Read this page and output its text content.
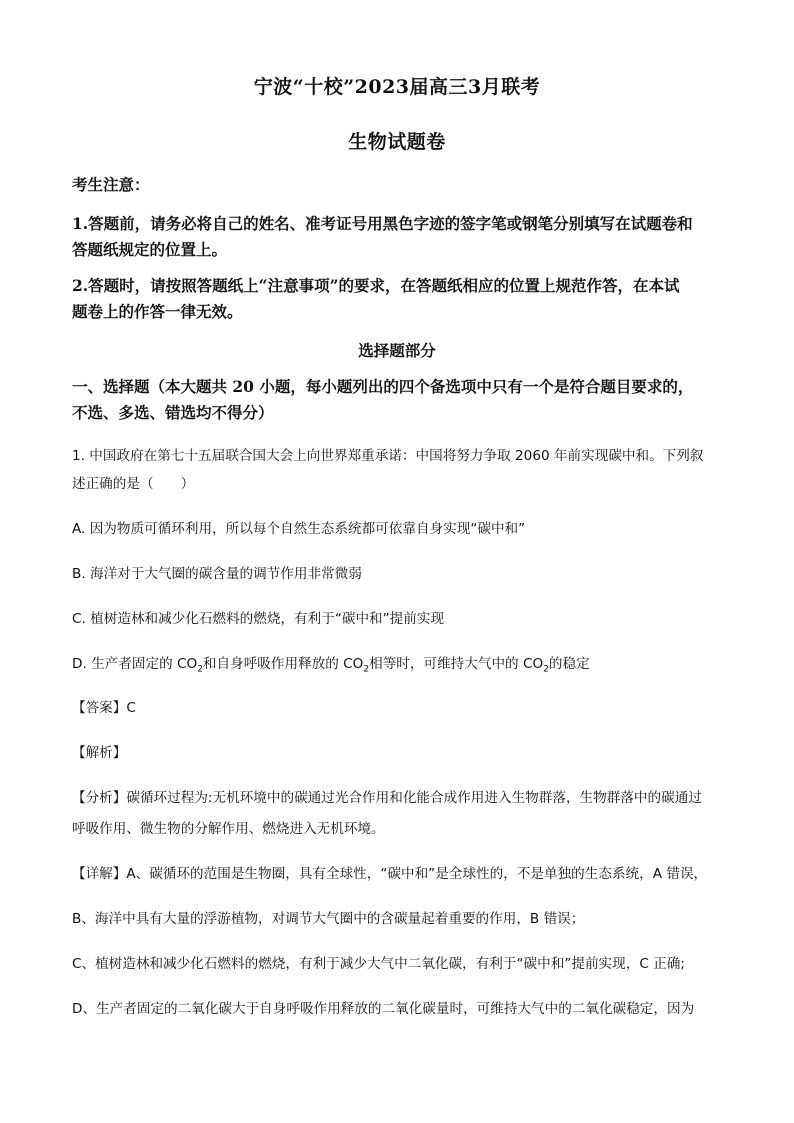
宁波“十校”2023届高三3月联考
生物试题卷
考生注意：
1.答题前，请务必将自己的姓名、准考证号用黑色字迹的签字笔或钢笔分别填写在试题卷和
答题纸规定的位置上。
2.答题时，请按照答题纸上“注意事项”的要求，在答题纸相应的位置上规范作答，在本试
题卷上的作答一律无效。
选择题部分
一、选择题（本大题共 20 小题，每小题列出的四个备选项中只有一个是符合题目要求的，
不选、多选、错选均不得分）
1. 中国政府在第七十五届联合国大会上向世界郑重承诺：中国将努力争取 2060 年前实现碳中和。下列叙
述正确的是（　　）
A. 因为物质可循环利用，所以每个自然生态系统都可依靠自身实现“碳中和”
B. 海洋对于大气圈的碳含量的调节作用非常微弱
C. 植树造林和减少化石燃料的燃烧，有利于“碳中和”提前实现
D. 生产者固定的 $CO_2$和自身呼吸作用释放的 $CO_2$相等时，可维持大气中的 $CO_2$的稳定
【答案】C
【解析】
【分析】碳循环过程为:无机环境中的碳通过光合作用和化能合成作用进入生物群落，生物群落中的碳通过
呼吸作用、微生物的分解作用、燃烧进入无机环境。
【详解】A、碳循环的范围是生物圈，具有全球性，“碳中和”是全球性的，不是单独的生态系统，A 错误，
B、海洋中具有大量的浮游植物，对调节大气圈中的含碳量起着重要的作用，B 错误；
C、植树造林和减少化石燃料的燃烧，有利于减少大气中二氧化碳，有利于“碳中和”提前实现，C 正确;
D、生产者固定的二氧化碳大于自身呼吸作用释放的二氧化碳量时，可维持大气中的二氧化碳稳定，因为
